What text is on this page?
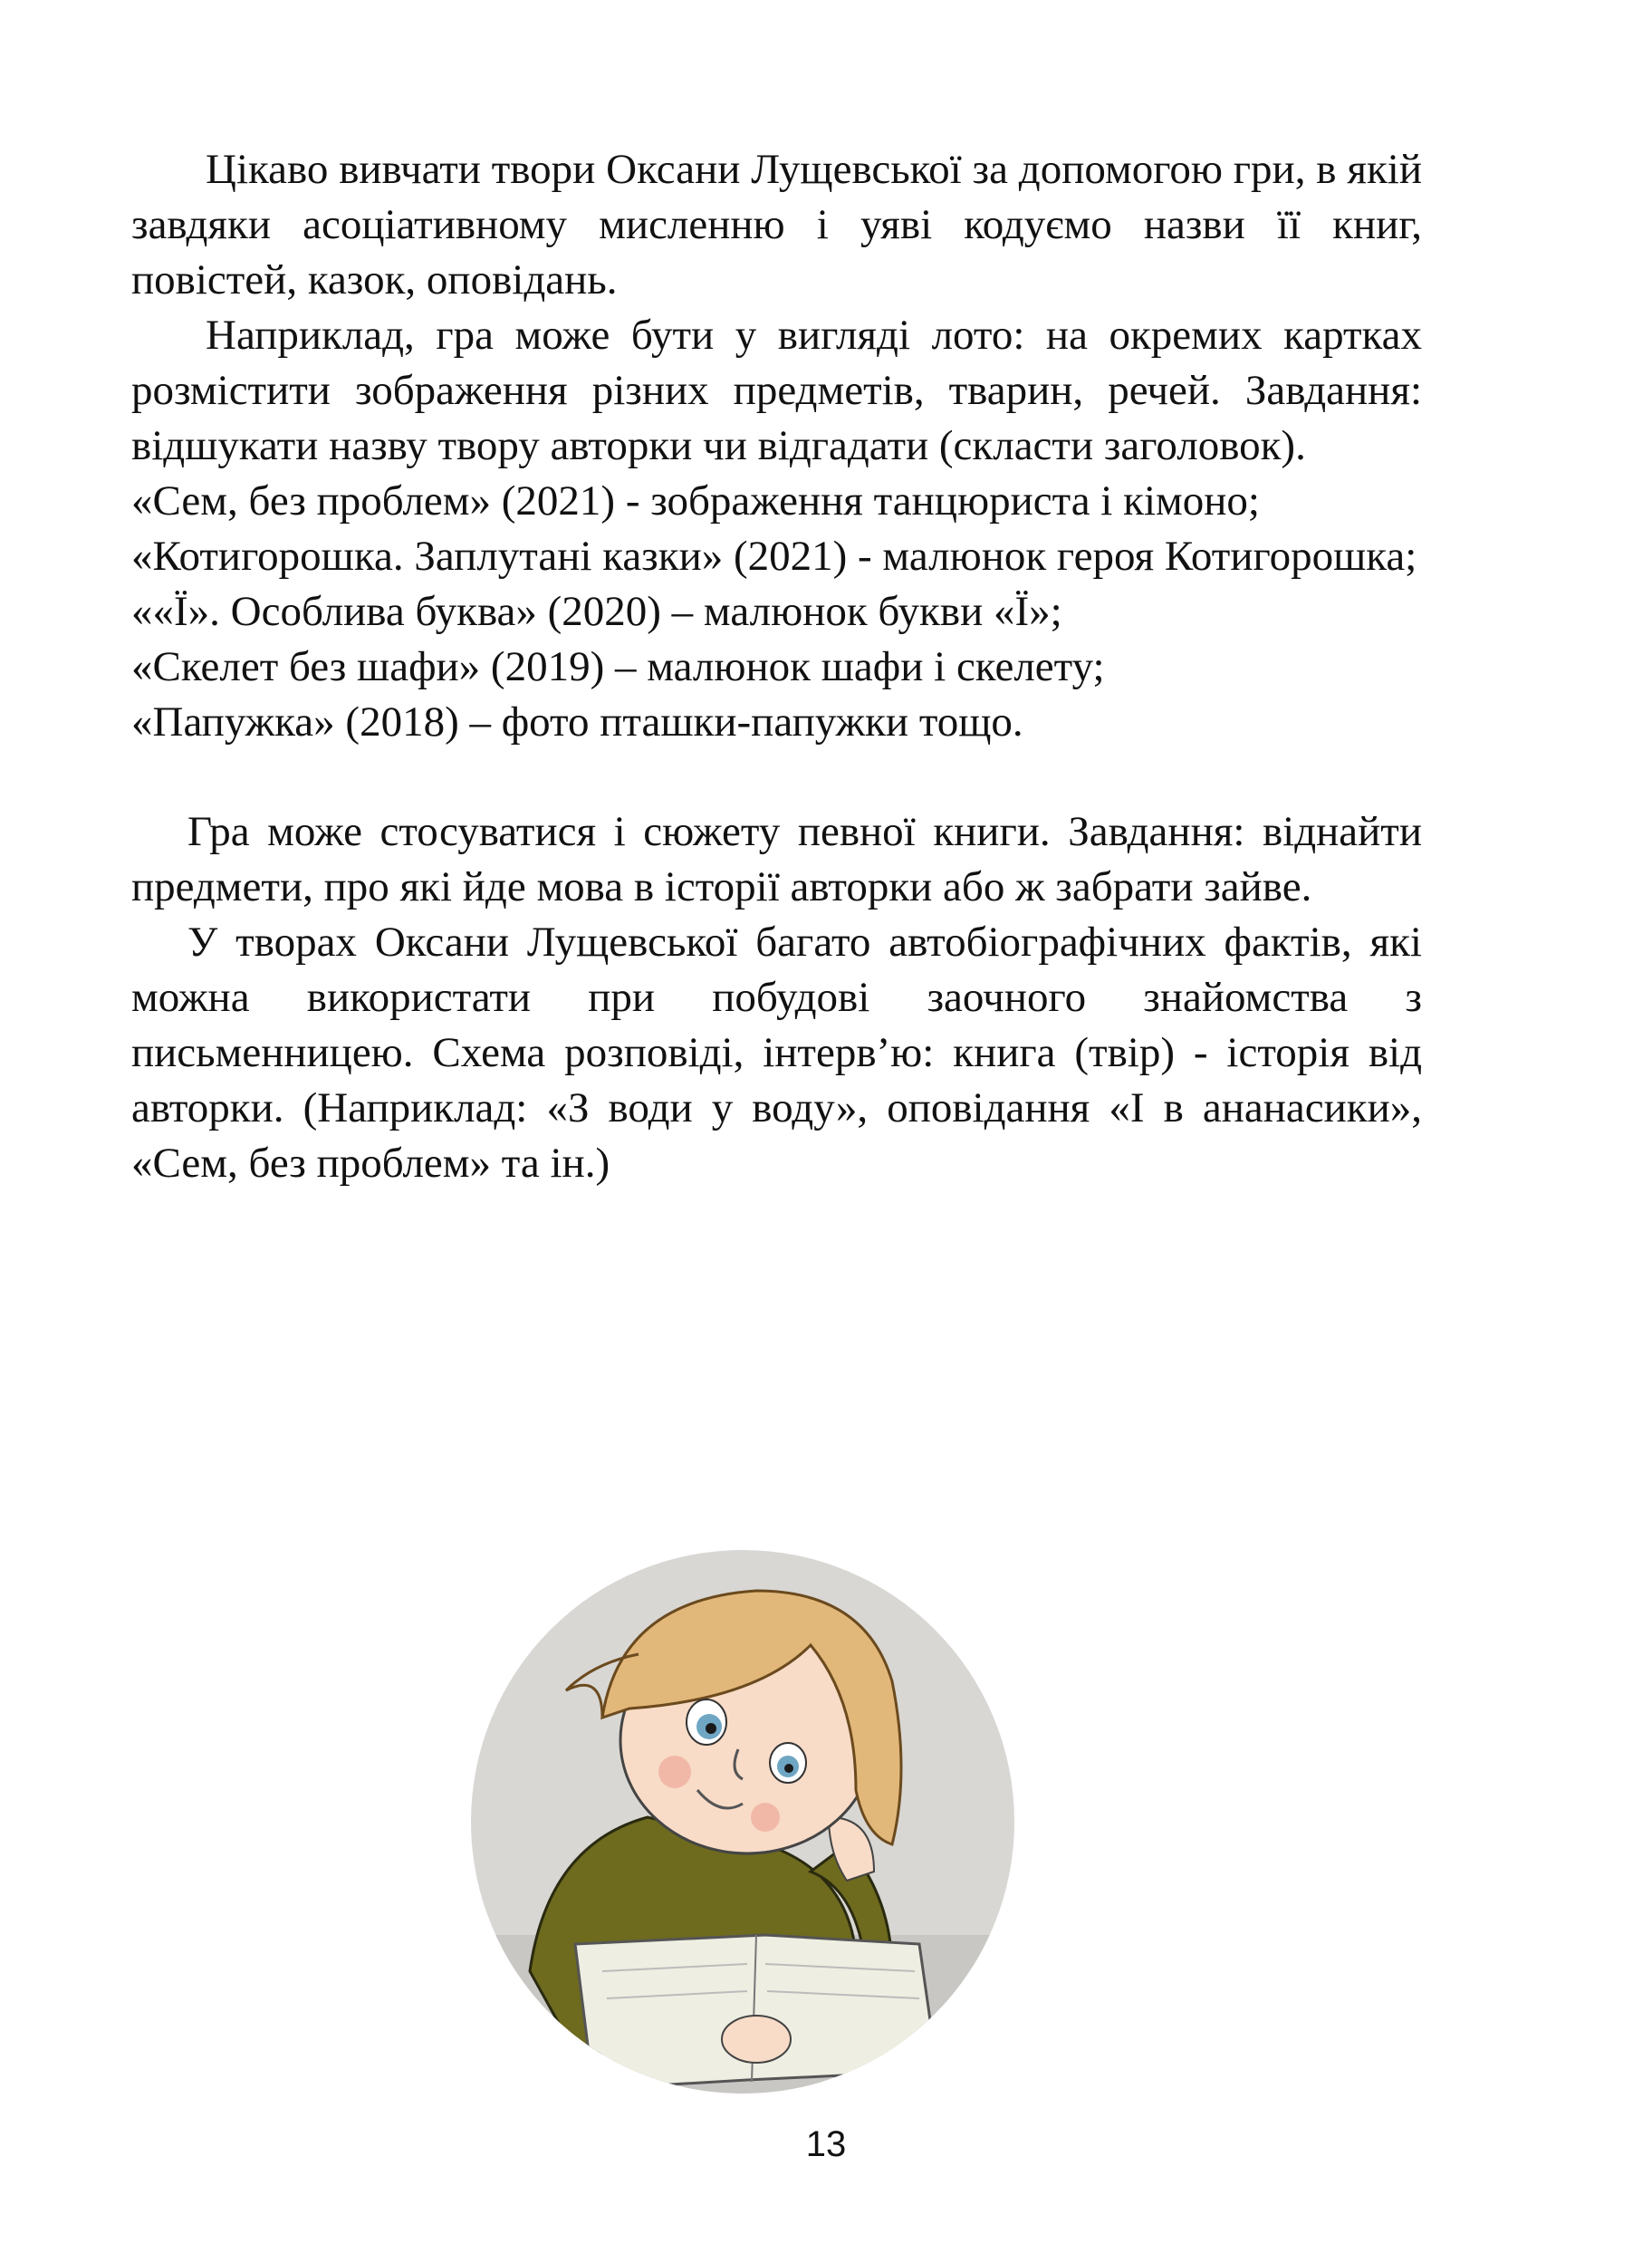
Цікаво вивчати твори Оксани Лущевської за допомогою гри, в якій завдяки асоціативному мисленню і уяві кодуємо назви її книг, повістей, казок, оповідань.

Наприклад, гра може бути у вигляді лото: на окремих картках розмістити зображення різних предметів, тварин, речей. Завдання: відшукати назву твору авторки чи відгадати (скласти заголовок).

«Сем, без проблем» (2021) - зображення танцюриста і кімоно;

«Котигорошка. Заплутані казки» (2021) - малюнок героя Котигорошка;

««Ї». Особлива буква» (2020) – малюнок букви «Ї»;

«Скелет без шафи» (2019) – малюнок шафи і скелету;

«Папужка» (2018) – фото пташки-папужки тощо.

Гра може стосуватися і сюжету певної книги. Завдання: віднайти предмети, про які йде мова в історії авторки або ж забрати зайве.

У творах Оксани Лущевської багато автобіографічних фактів, які можна використати при побудові заочного знайомства з письменницею. Схема розповіді, інтерв’ю: книга (твір) - історія від авторки. (Наприклад: «З води у воду», оповідання «І в ананасики», «Сем, без проблем» та ін.)

13
